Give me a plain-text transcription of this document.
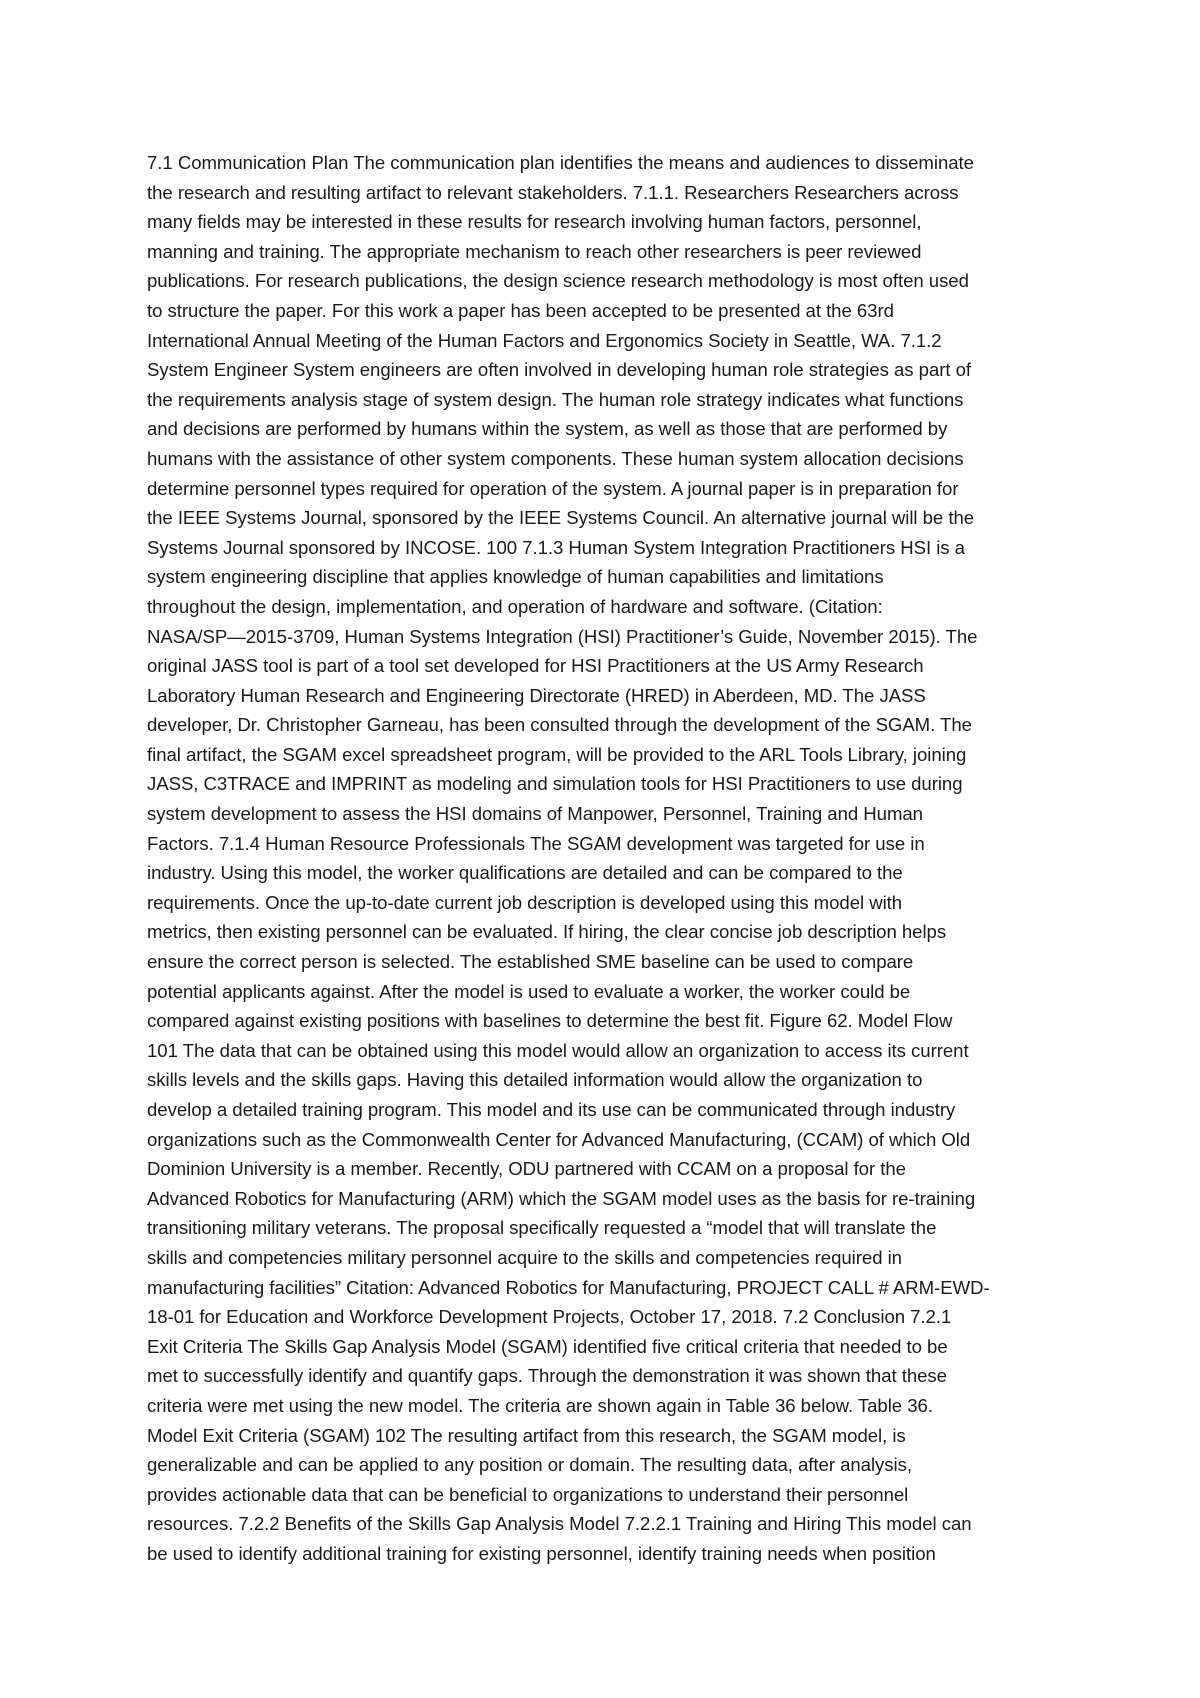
7.1 Communication Plan The communication plan identifies the means and audiences to disseminate
the research and resulting artifact to relevant stakeholders. 7.1.1. Researchers Researchers across
many fields may be interested in these results for research involving human factors, personnel,
manning and training. The appropriate mechanism to reach other researchers is peer reviewed
publications. For research publications, the design science research methodology is most often used
to structure the paper. For this work a paper has been accepted to be presented at the 63rd
International Annual Meeting of the Human Factors and Ergonomics Society in Seattle, WA. 7.1.2
System Engineer System engineers are often involved in developing human role strategies as part of
the requirements analysis stage of system design. The human role strategy indicates what functions
and decisions are performed by humans within the system, as well as those that are performed by
humans with the assistance of other system components. These human system allocation decisions
determine personnel types required for operation of the system. A journal paper is in preparation for
the IEEE Systems Journal, sponsored by the IEEE Systems Council. An alternative journal will be the
Systems Journal sponsored by INCOSE. 100 7.1.3 Human System Integration Practitioners HSI is a
system engineering discipline that applies knowledge of human capabilities and limitations
throughout the design, implementation, and operation of hardware and software. (Citation:
NASA/SP—2015-3709, Human Systems Integration (HSI) Practitioner’s Guide, November 2015). The
original JASS tool is part of a tool set developed for HSI Practitioners at the US Army Research
Laboratory Human Research and Engineering Directorate (HRED) in Aberdeen, MD. The JASS
developer, Dr. Christopher Garneau, has been consulted through the development of the SGAM. The
final artifact, the SGAM excel spreadsheet program, will be provided to the ARL Tools Library, joining
JASS, C3TRACE and IMPRINT as modeling and simulation tools for HSI Practitioners to use during
system development to assess the HSI domains of Manpower, Personnel, Training and Human
Factors. 7.1.4 Human Resource Professionals The SGAM development was targeted for use in
industry. Using this model, the worker qualifications are detailed and can be compared to the
requirements. Once the up-to-date current job description is developed using this model with
metrics, then existing personnel can be evaluated. If hiring, the clear concise job description helps
ensure the correct person is selected. The established SME baseline can be used to compare
potential applicants against. After the model is used to evaluate a worker, the worker could be
compared against existing positions with baselines to determine the best fit. Figure 62. Model Flow
101 The data that can be obtained using this model would allow an organization to access its current
skills levels and the skills gaps. Having this detailed information would allow the organization to
develop a detailed training program. This model and its use can be communicated through industry
organizations such as the Commonwealth Center for Advanced Manufacturing, (CCAM) of which Old
Dominion University is a member. Recently, ODU partnered with CCAM on a proposal for the
Advanced Robotics for Manufacturing (ARM) which the SGAM model uses as the basis for re-training
transitioning military veterans. The proposal specifically requested a “model that will translate the
skills and competencies military personnel acquire to the skills and competencies required in
manufacturing facilities” Citation: Advanced Robotics for Manufacturing, PROJECT CALL # ARM-EWD-
18-01 for Education and Workforce Development Projects, October 17, 2018. 7.2 Conclusion 7.2.1
Exit Criteria The Skills Gap Analysis Model (SGAM) identified five critical criteria that needed to be
met to successfully identify and quantify gaps. Through the demonstration it was shown that these
criteria were met using the new model. The criteria are shown again in Table 36 below. Table 36.
Model Exit Criteria (SGAM) 102 The resulting artifact from this research, the SGAM model, is
generalizable and can be applied to any position or domain. The resulting data, after analysis,
provides actionable data that can be beneficial to organizations to understand their personnel
resources. 7.2.2 Benefits of the Skills Gap Analysis Model 7.2.2.1 Training and Hiring This model can
be used to identify additional training for existing personnel, identify training needs when position
